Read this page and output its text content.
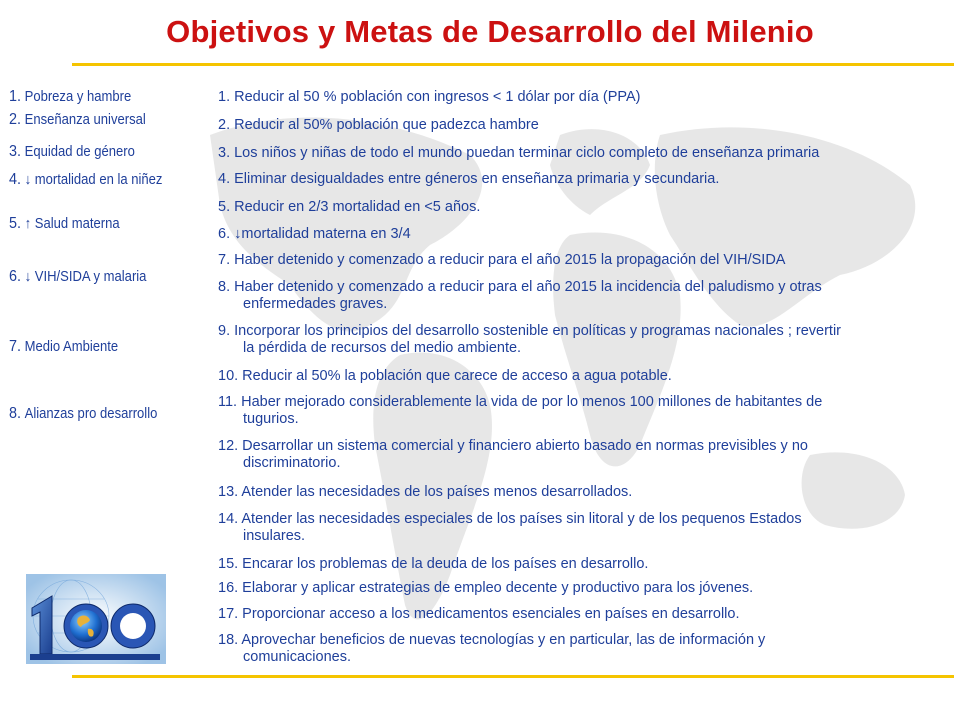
Objetivos y Metas de Desarrollo del Milenio
1. Pobreza y hambre
2. Enseñanza universal
3. Equidad de género
4. ↓ mortalidad en la niñez
5. ↑ Salud materna
6. ↓ VIH/SIDA y malaria
7. Medio Ambiente
8. Alianzas pro desarrollo
1. Reducir al 50 % población con ingresos < 1 dólar por día (PPA)
2. Reducir al 50% población que padezca hambre
3. Los niños y niñas de todo el mundo puedan terminar ciclo completo de enseñanza primaria
4. Eliminar desigualdades entre géneros en enseñanza primaria y secundaria.
5. Reducir en 2/3 mortalidad en <5 años.
6. ↓mortalidad materna en 3/4
7. Haber detenido y comenzado a reducir para el año 2015 la propagación del VIH/SIDA
8. Haber detenido y comenzado a reducir para el año 2015 la incidencia del paludismo y otras
enfermedades graves.
9. Incorporar los principios del desarrollo sostenible en políticas y programas nacionales ; revertir
la pérdida de recursos del medio ambiente.
10. Reducir al 50% la población que carece de acceso a agua potable.
11. Haber mejorado considerablemente la vida de por lo menos 100 millones de habitantes de
tugurios.
12. Desarrollar un sistema comercial y financiero abierto basado en normas previsibles y no
discriminatorio.
13. Atender las necesidades de los países menos desarrollados.
14. Atender las necesidades especiales de los países sin litoral y de los pequenos Estados
insulares.
15. Encarar los problemas de la deuda de los países en desarrollo.
16. Elaborar y aplicar estrategias de empleo decente y productivo para los jóvenes.
17. Proporcionar acceso a los medicamentos esenciales en países en desarrollo.
18. Aprovechar beneficios de nuevas tecnologías y en particular, las de información y
comunicaciones.
